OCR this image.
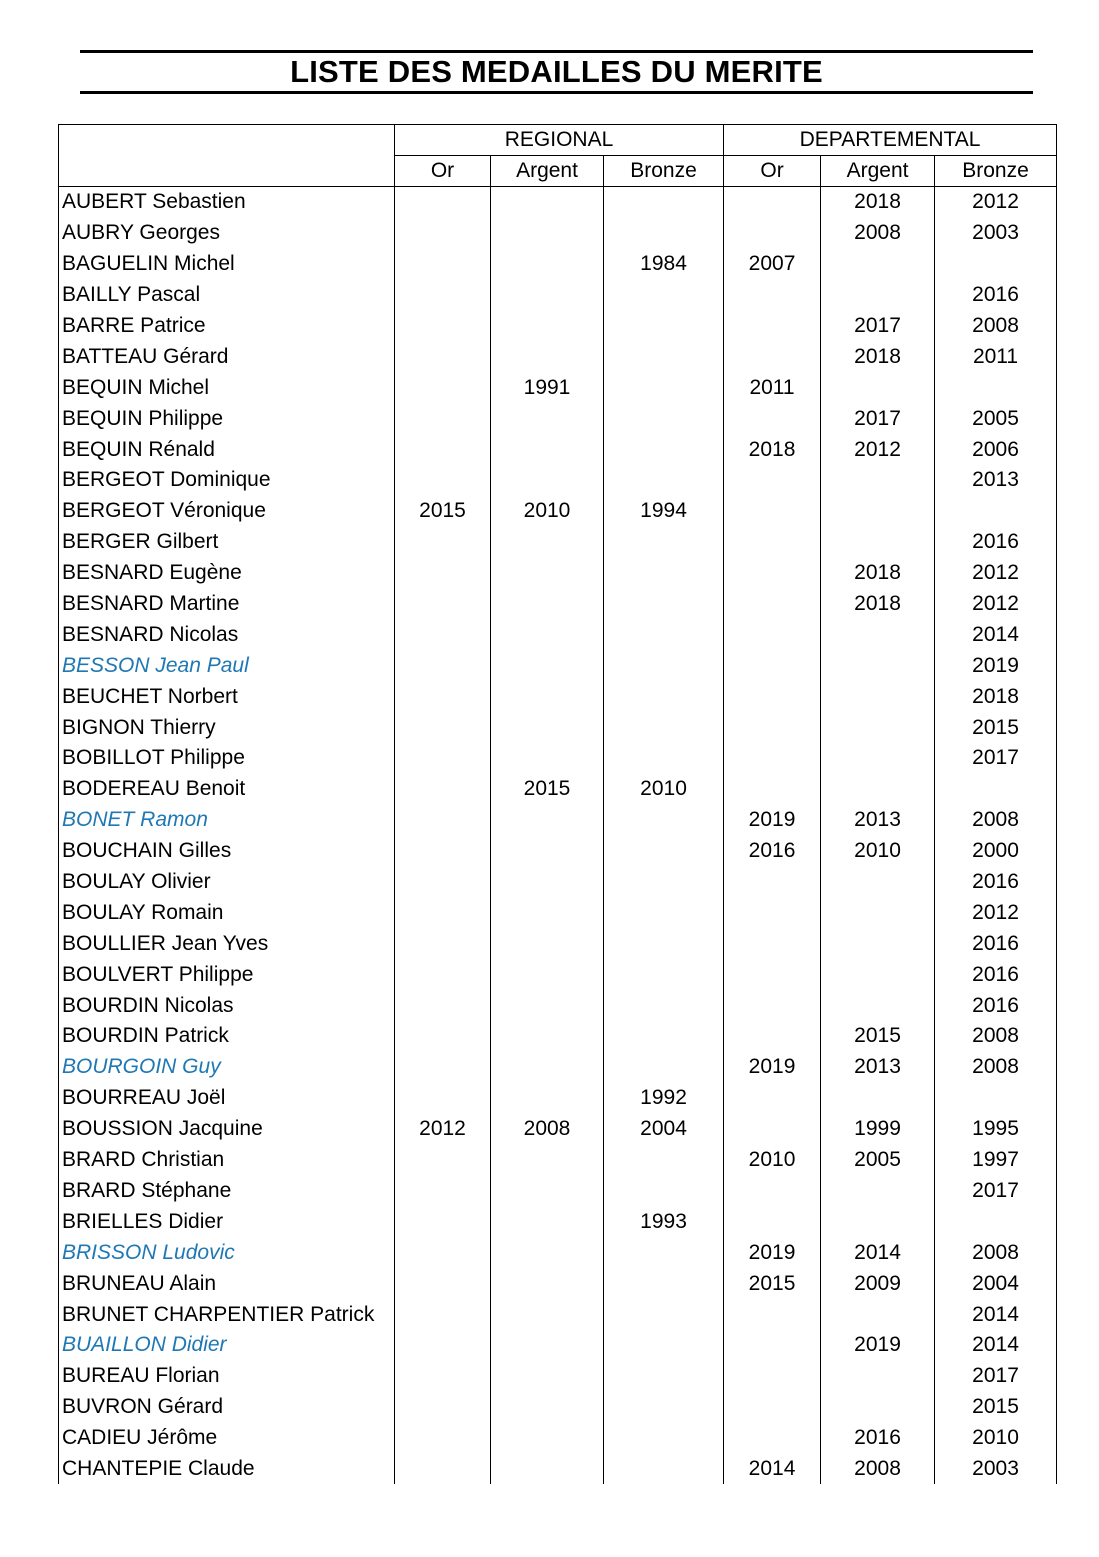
LISTE DES MEDAILLES DU MERITE
	REGIONAL			DEPARTEMENTAL		
	Or	Argent	Bronze	Or	Argent	Bronze
AUBERT Sebastien					2018	2012
AUBRY Georges					2008	2003
BAGUELIN Michel			1984	2007		
BAILLY Pascal						2016
BARRE Patrice					2017	2008
BATTEAU Gérard					2018	2011
BEQUIN Michel		1991		2011		
BEQUIN Philippe					2017	2005
BEQUIN Rénald				2018	2012	2006
BERGEOT Dominique						2013
BERGEOT Véronique	2015	2010	1994			
BERGER Gilbert						2016
BESNARD Eugène					2018	2012
BESNARD Martine					2018	2012
BESNARD Nicolas						2014
BESSON Jean Paul						2019
BEUCHET Norbert						2018
BIGNON Thierry						2015
BOBILLOT Philippe						2017
BODEREAU Benoit		2015	2010			
BONET Ramon				2019	2013	2008
BOUCHAIN Gilles				2016	2010	2000
BOULAY Olivier						2016
BOULAY Romain						2012
BOULLIER Jean Yves						2016
BOULVERT Philippe						2016
BOURDIN Nicolas						2016
BOURDIN Patrick					2015	2008
BOURGOIN Guy				2019	2013	2008
BOURREAU Joël			1992			
BOUSSION Jacquine	2012	2008	2004		1999	1995
BRARD Christian				2010	2005	1997
BRARD Stéphane						2017
BRIELLES Didier			1993			
BRISSON Ludovic				2019	2014	2008
BRUNEAU Alain				2015	2009	2004
BRUNET CHARPENTIER Patrick						2014
BUAILLON Didier					2019	2014
BUREAU Florian						2017
BUVRON Gérard						2015
CADIEU Jérôme					2016	2010
CHANTEPIE Claude				2014	2008	2003
